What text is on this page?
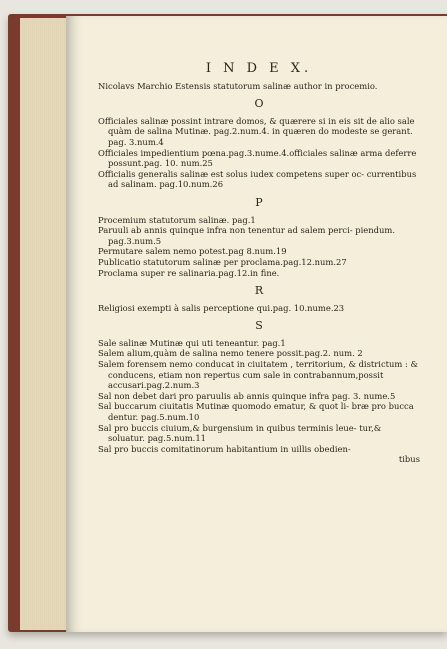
I N D E X.

Nicolavs Marchio Estensis statutorum salinæ author in procemio.

O

Officiales salinæ possint intrare domos, & quærere si in eis sit de alio sale quàm de salina Mutinæ. pag.2.num.4. in quæren do modeste se gerant. pag. 3.num.4

Officiales impedientium pœna.pag.3.nume.4.officiales salinæ arma deferre possunt.pag. 10. num.25

Officialis generalis salinæ est solus iudex competens super oc- currentibus ad salinam. pag.10.num.26

P

Procemium statutorum salinæ. pag.1

Paruuli ab annis quinque infra non tenentur ad salem perci- piendum. pag.3.num.5

Permutare salem nemo potest.pag 8.num.19

Publicatio statutorum salinæ per proclama.pag.12.num.27

Proclama super re salinaria.pag.12.in fine.

R

Religiosi exempti à salis perceptione qui.pag. 10.nume.23

S

Sale salinæ Mutinæ qui uti teneantur. pag.1

Salem alium,quàm de salina nemo tenere possit.pag.2. num. 2

Salem forensem nemo conducat in ciuitatem , territorium, & districtum : & conducens, etiam non repertus cum sale in contrabannum,possit accusari.pag.2.num.3

Sal non debet dari pro paruulis ab annis quinque infra pag. 3. nume.5

Sal buccarum ciuitatis Mutinæ quomodo ematur, & quot li- bræ pro bucca dentur. pag.5.num.10

Sal pro buccis ciuium,& burgensium in quibus terminis leue- tur,& soluatur. pag.5.num.11

Sal pro buccis comitatinorum habitantium in uillis obedien-

tibus
